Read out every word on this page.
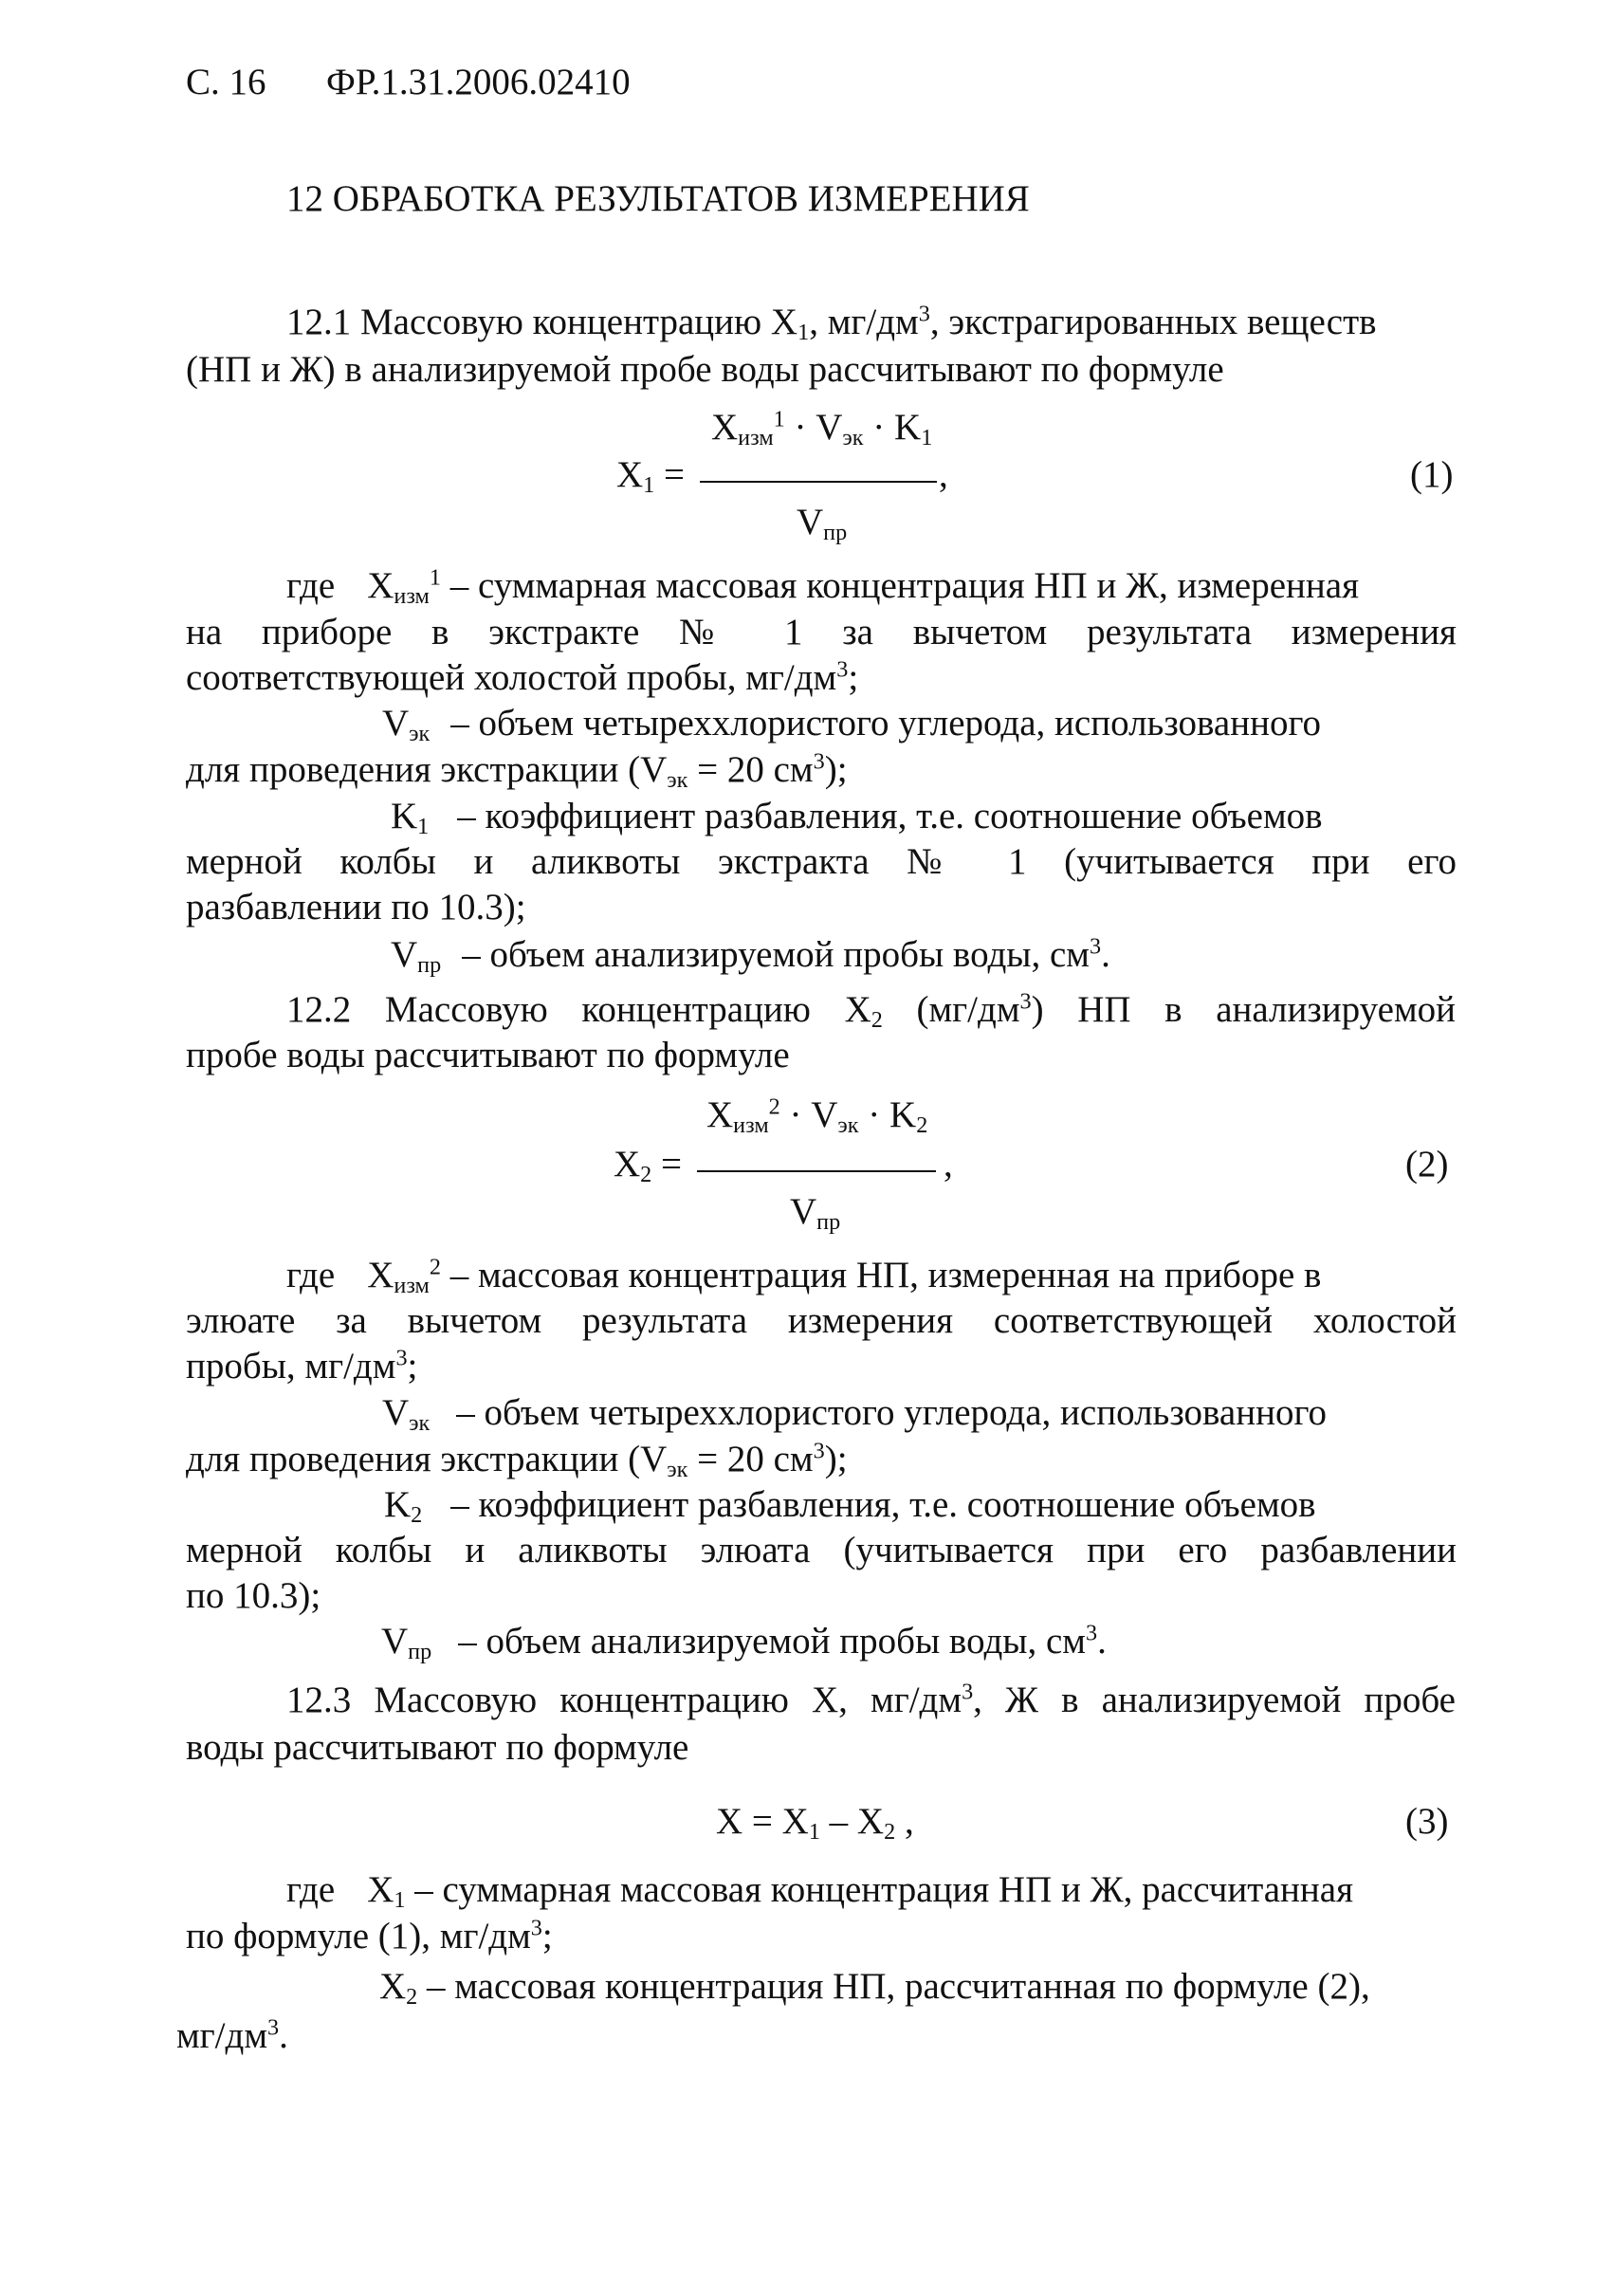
С. 16 ФР.1.31.2006.02410
12 ОБРАБОТКА РЕЗУЛЬТАТОВ ИЗМЕРЕНИЯ
12.1 Массовую концентрацию $X_1$, $мг/дм^3$, экстрагированных веществ
(НП и Ж) в анализируемой пробе воды рассчитывают по формуле
$X_{изм}^1 \cdot V_{эк} \cdot K_1$
$X_1$ =	,
$V_{пр}$
(1)
где $X_{изм}^1$ – суммарная массовая концентрация НП и Ж, измеренная
на приборе в экстракте № 1 за вычетом результата измерения
соответствующей холостой пробы, $мг/дм^3$;
$V_{эк}$ – объем четыреххлористого углерода, использованного
для проведения экстракции ($V_{эк} = 20$ $см^3$);
$K_1$ – коэффициент разбавления, т.е. соотношение объемов
мерной колбы и аликвоты экстракта № 1 (учитывается при его
разбавлении по 10.3);
$V_{пр}$ – объем анализируемой пробы воды, $см^3$.
12.2 Массовую концентрацию $X_2$ $(мг/дм^3)$ НП в анализируемой
пробе воды рассчитывают по формуле
$X_{изм}^2 \cdot V_{эк} \cdot K_2$
$X_2$ =	,
$V_{пр}$
(2)
где $X_{изм}^2$ – массовая концентрация НП, измеренная на приборе в
элюате за вычетом результата измерения соответствующей холостой
пробы, $мг/дм^3$;
$V_{эк}$ – объем четыреххлористого углерода, использованного
для проведения экстракции ($V_{эк} = 20$ $см^3$);
$K_2$ – коэффициент разбавления, т.е. соотношение объемов
мерной колбы и аликвоты элюата (учитывается при его разбавлении
по 10.3);
$V_{пр}$ – объем анализируемой пробы воды, $см^3$.
12.3 Массовую концентрацию X, $мг/дм^3$, Ж в анализируемой пробе
воды рассчитывают по формуле
$X = X_1 - X_2$ ,	(3)
где $X_1$ – суммарная массовая концентрация НП и Ж, рассчитанная
по формуле (1), $мг/дм^3$;
$X_2$ – массовая концентрация НП, рассчитанная по формуле (2),
$мг/дм^3$.
